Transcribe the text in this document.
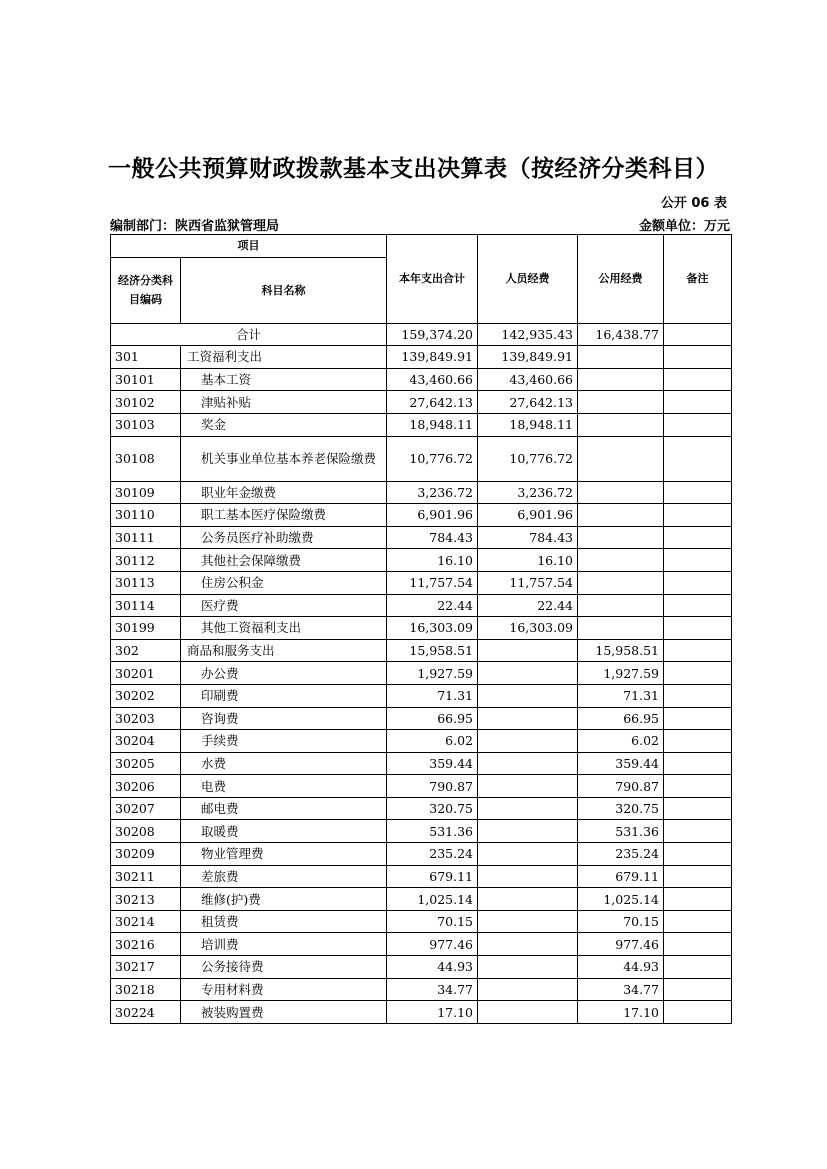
一般公共预算财政拨款基本支出决算表（按经济分类科目）
公开 06 表
编制部门：陕西省监狱管理局	金额单位：万元
项目		本年支出合计	人员经费	公用经费	备注
经济分类科目编码	科目名称				
合计		159,374.20	142,935.43	16,438.77	
301	工资福利支出	139,849.91	139,849.91		
30101	基本工资	43,460.66	43,460.66		
30102	津贴补贴	27,642.13	27,642.13		
30103	奖金	18,948.11	18,948.11		
30108	机关事业单位基本养老保险缴费	10,776.72	10,776.72		
30109	职业年金缴费	3,236.72	3,236.72		
30110	职工基本医疗保险缴费	6,901.96	6,901.96		
30111	公务员医疗补助缴费	784.43	784.43		
30112	其他社会保障缴费	16.10	16.10		
30113	住房公积金	11,757.54	11,757.54		
30114	医疗费	22.44	22.44		
30199	其他工资福利支出	16,303.09	16,303.09		
302	商品和服务支出	15,958.51		15,958.51	
30201	办公费	1,927.59		1,927.59	
30202	印刷费	71.31		71.31	
30203	咨询费	66.95		66.95	
30204	手续费	6.02		6.02	
30205	水费	359.44		359.44	
30206	电费	790.87		790.87	
30207	邮电费	320.75		320.75	
30208	取暖费	531.36		531.36	
30209	物业管理费	235.24		235.24	
30211	差旅费	679.11		679.11	
30213	维修(护)费	1,025.14		1,025.14	
30214	租赁费	70.15		70.15	
30216	培训费	977.46		977.46	
30217	公务接待费	44.93		44.93	
30218	专用材料费	34.77		34.77	
30224	被装购置费	17.10		17.10	
